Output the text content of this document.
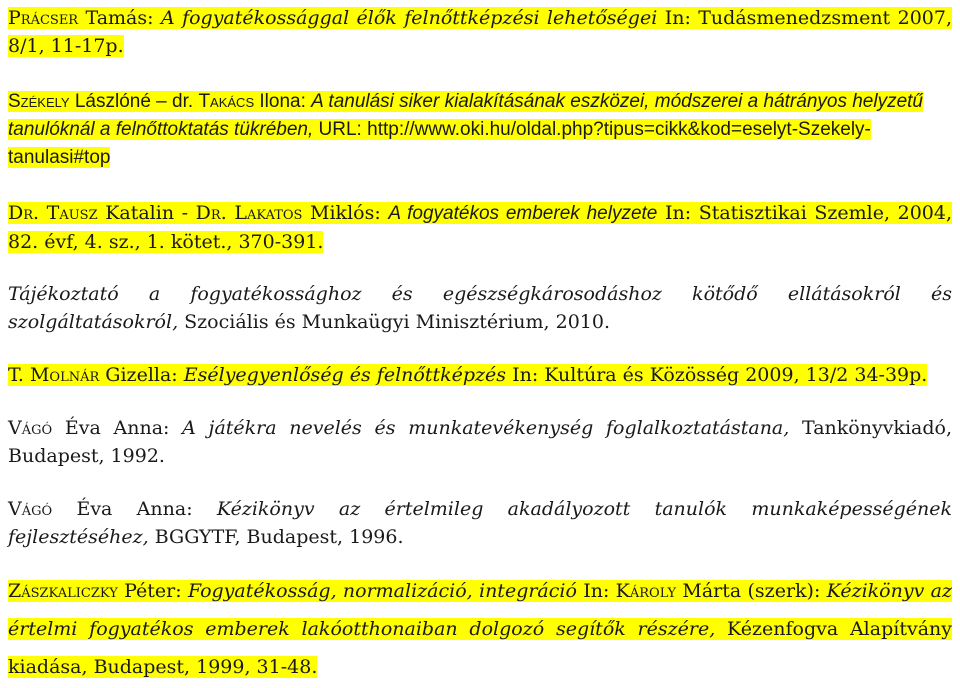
Prácser Tamás: A fogyatékossággal élők felnőttképzési lehetőségei In: Tudásmenedzsment 2007, 8/1, 11-17p.
Székely Lászlóné – dr. Takács Ilona: A tanulási siker kialakításának eszközei, módszerei a hátrányos helyzetű tanulóknál a felnőttoktatás tükrében, URL: http://www.oki.hu/oldal.php?tipus=cikk&kod=eselyt-Szekely-tanulasi#top
Dr. Tausz Katalin - Dr. Lakatos Miklós: A fogyatékos emberek helyzete In: Statisztikai Szemle, 2004, 82. évf, 4. sz., 1. kötet., 370-391.
Tájékoztató a fogyatékossághoz és egészségkárosodáshoz kötődő ellátásokról és szolgáltatásokról, Szociális és Munkaügyi Minisztérium, 2010.
T. Molnár Gizella: Esélyegyenlőség és felnőttképzés In: Kultúra és Közösség 2009, 13/2 34-39p.
Vágó Éva Anna: A játékra nevelés és munkatevékenység foglalkoztatástana, Tankönyvkiadó, Budapest, 1992.
Vágó Éva Anna: Kézikönyv az értelmileg akadályozott tanulók munkaképességének fejlesztéséhez, BGGYTF, Budapest, 1996.
Zászkaliczky Péter: Fogyatékosság, normalizáció, integráció In: Károly Márta (szerk): Kézikönyv az értelmi fogyatékos emberek lakóotthonaiban dolgozó segítők részére, Kézenfogva Alapítvány kiadása, Budapest, 1999, 31-48.
